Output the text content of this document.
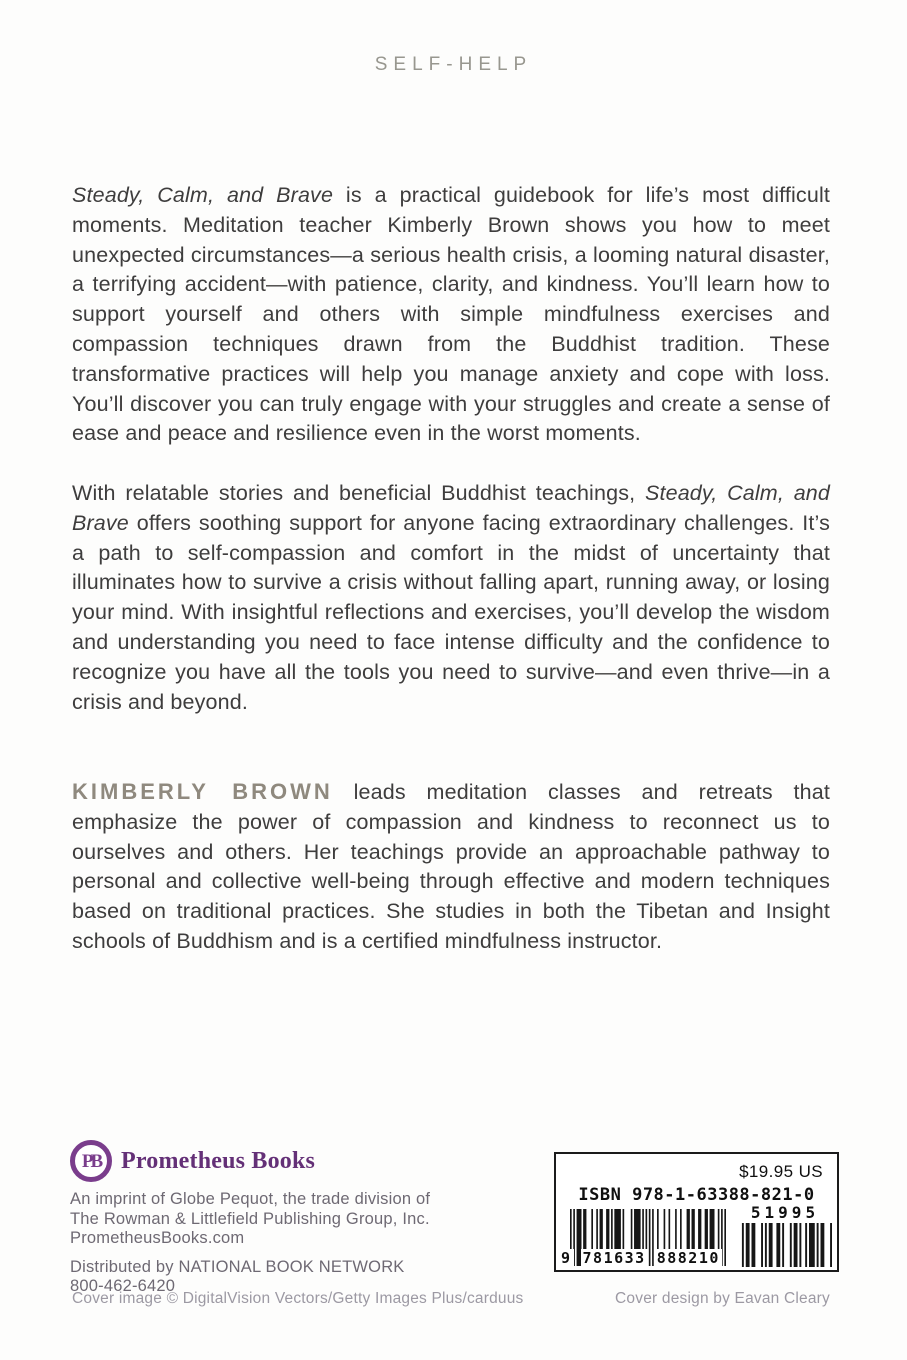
SELF-HELP

Steady, Calm, and Brave is a practical guidebook for life’s most difficult moments. Meditation teacher Kimberly Brown shows you how to meet unexpected circumstances—a serious health crisis, a looming natural disaster, a terrifying accident—with patience, clarity, and kindness. You’ll learn how to support yourself and others with simple mindfulness exercises and compassion techniques drawn from the Buddhist tradition. These transformative practices will help you manage anxiety and cope with loss. You’ll discover you can truly engage with your struggles and create a sense of ease and peace and resilience even in the worst moments.

With relatable stories and beneficial Buddhist teachings, Steady, Calm, and Brave offers soothing support for anyone facing extraordinary challenges. It’s a path to self-compassion and comfort in the midst of uncertainty that illuminates how to survive a crisis without falling apart, running away, or losing your mind. With insightful reflections and exercises, you’ll develop the wisdom and understanding you need to face intense difficulty and the confidence to recognize you have all the tools you need to survive—and even thrive—in a crisis and beyond.

KIMBERLY BROWN leads meditation classes and retreats that emphasize the power of compassion and kindness to reconnect us to ourselves and others. Her teachings provide an approachable pathway to personal and collective well-being through effective and modern techniques based on traditional practices. She studies in both the Tibetan and Insight schools of Buddhism and is a certified mindfulness instructor.

PB Prometheus Books
An imprint of Globe Pequot, the trade division of
The Rowman & Littlefield Publishing Group, Inc.
PrometheusBooks.com
Distributed by NATIONAL BOOK NETWORK
800-462-6420
$19.95 US
ISBN 978-1-63388-821-0
9 781633 888210
51995
Cover image © DigitalVision Vectors/Getty Images Plus/carduus	Cover design by Eavan Cleary
